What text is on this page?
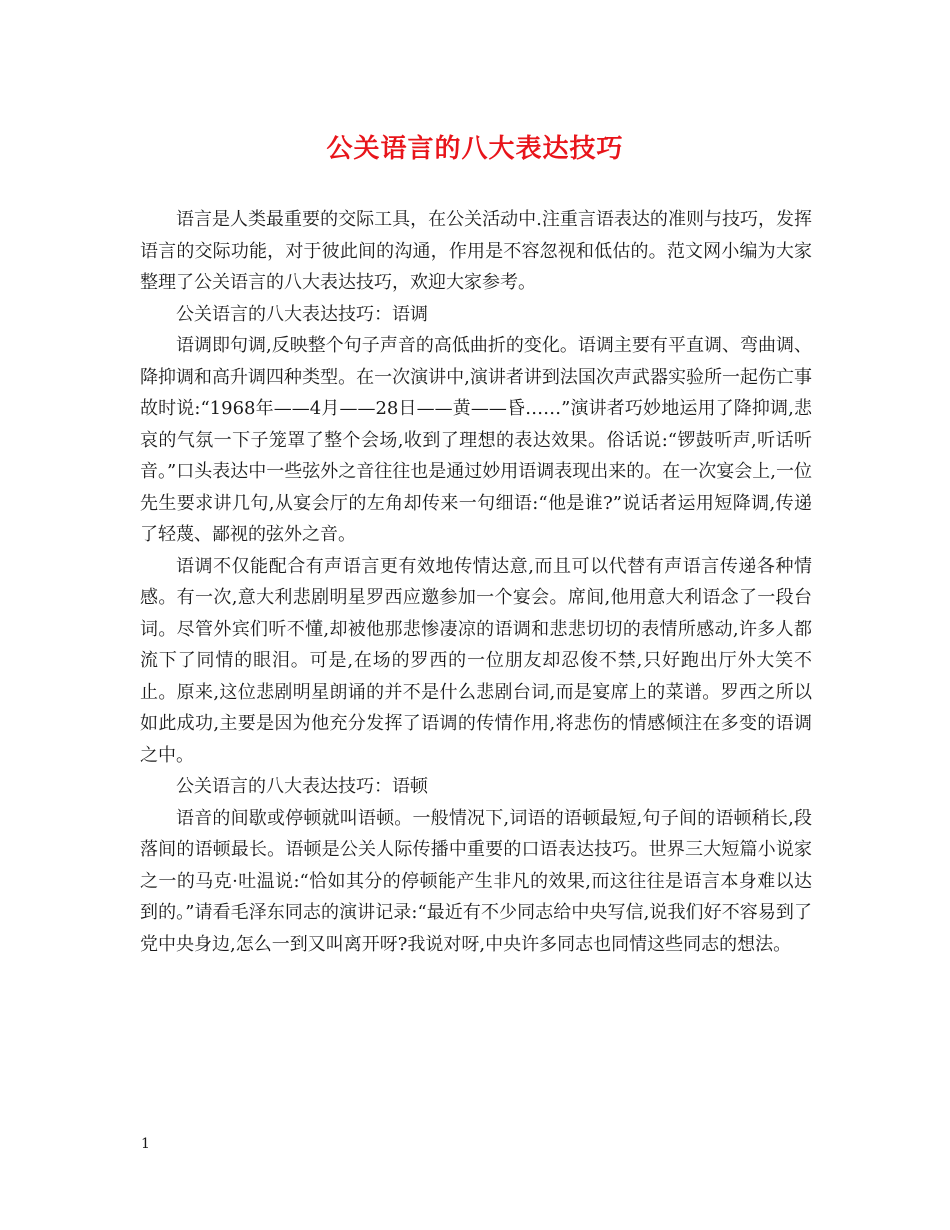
公关语言的八大表达技巧

语言是人类最重要的交际工具，在公关活动中.注重言语表达的准则与技巧，发挥语言的交际功能，对于彼此间的沟通，作用是不容忽视和低估的。范文网小编为大家整理了公关语言的八大表达技巧，欢迎大家参考。

公关语言的八大表达技巧：语调

语调即句调,反映整个句子声音的高低曲折的变化。语调主要有平直调、弯曲调、降抑调和高升调四种类型。在一次演讲中,演讲者讲到法国次声武器实验所一起伤亡事故时说:“1968年——4月——28日——黄——昏……”演讲者巧妙地运用了降抑调,悲哀的气氛一下子笼罩了整个会场,收到了理想的表达效果。俗话说:“锣鼓听声,听话听音。”口头表达中一些弦外之音往往也是通过妙用语调表现出来的。在一次宴会上,一位先生要求讲几句,从宴会厅的左角却传来一句细语:“他是谁?”说话者运用短降调,传递了轻蔑、鄙视的弦外之音。

语调不仅能配合有声语言更有效地传情达意,而且可以代替有声语言传递各种情感。有一次,意大利悲剧明星罗西应邀参加一个宴会。席间,他用意大利语念了一段台词。尽管外宾们听不懂,却被他那悲惨凄凉的语调和悲悲切切的表情所感动,许多人都流下了同情的眼泪。可是,在场的罗西的一位朋友却忍俊不禁,只好跑出厅外大笑不止。原来,这位悲剧明星朗诵的并不是什么悲剧台词,而是宴席上的菜谱。罗西之所以如此成功,主要是因为他充分发挥了语调的传情作用,将悲伤的情感倾注在多变的语调之中。

公关语言的八大表达技巧：语顿

语音的间歇或停顿就叫语顿。一般情况下,词语的语顿最短,句子间的语顿稍长,段落间的语顿最长。语顿是公关人际传播中重要的口语表达技巧。世界三大短篇小说家之一的马克·吐温说:“恰如其分的停顿能产生非凡的效果,而这往往是语言本身难以达到的。”请看毛泽东同志的演讲记录:“最近有不少同志给中央写信,说我们好不容易到了党中央身边,怎么一到又叫离开呀?我说对呀,中央许多同志也同情这些同志的想法。

1
